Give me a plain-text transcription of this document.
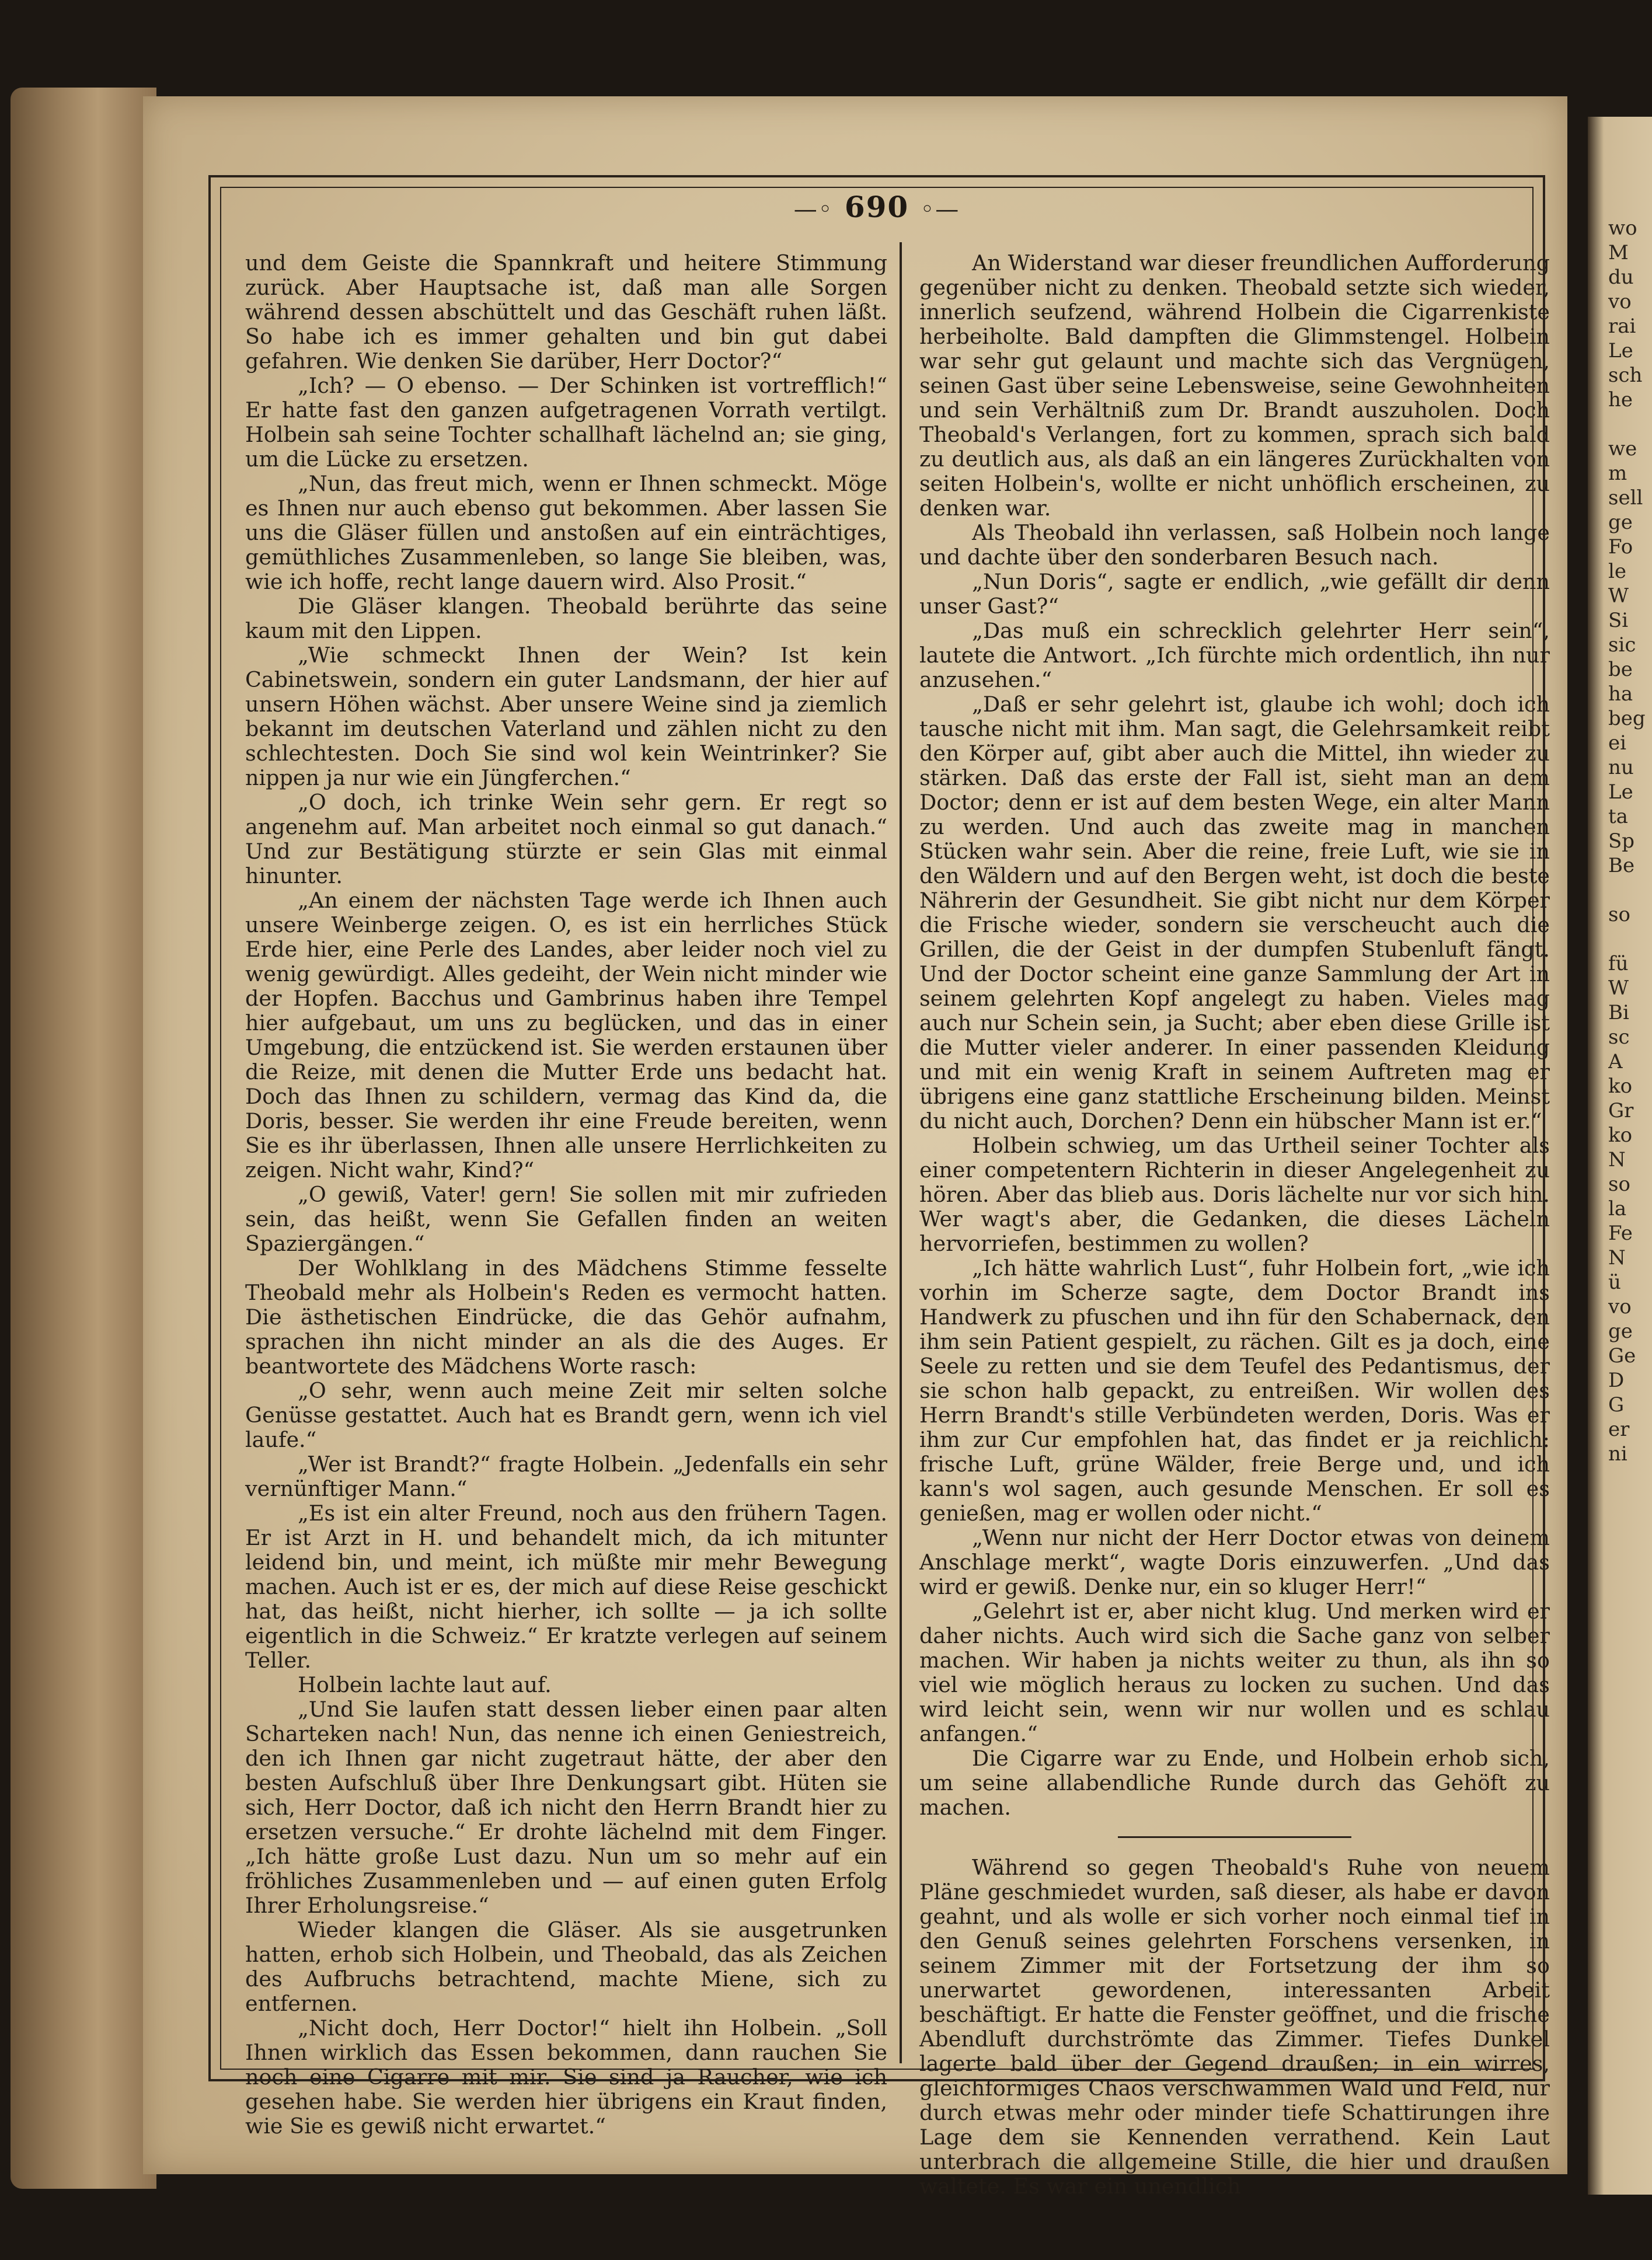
wo
M
du
vo
rai
Le
sch
he
we
m
sell
ge
Fo
le
W
Si
sic
be
ha
beg
ei
nu
Le
ta
Sp
Be
so
fü
W
Bi
sc
A
ko
Gr
ko
N
so
la
Fe
N
ü
vo
ge
Ge
D
G
er
ni
—◦ 690 ◦—

und dem Geiste die Spannkraft und heitere Stimmung zurück. Aber Hauptsache ist, daß man alle Sorgen während dessen abschüttelt und das Geschäft ruhen läßt. So habe ich es immer gehalten und bin gut dabei gefahren. Wie denken Sie darüber, Herr Doctor?“

„Ich? — O ebenso. — Der Schinken ist vortrefflich!“ Er hatte fast den ganzen aufgetragenen Vorrath vertilgt. Holbein sah seine Tochter schallhaft lächelnd an; sie ging, um die Lücke zu ersetzen.

„Nun, das freut mich, wenn er Ihnen schmeckt. Möge es Ihnen nur auch ebenso gut bekommen. Aber lassen Sie uns die Gläser füllen und anstoßen auf ein einträchtiges, gemüthliches Zusammenleben, so lange Sie bleiben, was, wie ich hoffe, recht lange dauern wird. Also Prosit.“

Die Gläser klangen. Theobald berührte das seine kaum mit den Lippen.

„Wie schmeckt Ihnen der Wein? Ist kein Cabinetswein, sondern ein guter Landsmann, der hier auf unsern Höhen wächst. Aber unsere Weine sind ja ziemlich bekannt im deutschen Vaterland und zählen nicht zu den schlechtesten. Doch Sie sind wol kein Weintrinker? Sie nippen ja nur wie ein Jüngferchen.“

„O doch, ich trinke Wein sehr gern. Er regt so angenehm auf. Man arbeitet noch einmal so gut danach.“ Und zur Bestätigung stürzte er sein Glas mit einmal hinunter.

„An einem der nächsten Tage werde ich Ihnen auch unsere Weinberge zeigen. O, es ist ein herrliches Stück Erde hier, eine Perle des Landes, aber leider noch viel zu wenig gewürdigt. Alles gedeiht, der Wein nicht minder wie der Hopfen. Bacchus und Gambrinus haben ihre Tempel hier aufgebaut, um uns zu beglücken, und das in einer Umgebung, die entzückend ist. Sie werden erstaunen über die Reize, mit denen die Mutter Erde uns bedacht hat. Doch das Ihnen zu schildern, vermag das Kind da, die Doris, besser. Sie werden ihr eine Freude bereiten, wenn Sie es ihr überlassen, Ihnen alle unsere Herrlichkeiten zu zeigen. Nicht wahr, Kind?“

„O gewiß, Vater! gern! Sie sollen mit mir zufrieden sein, das heißt, wenn Sie Gefallen finden an weiten Spaziergängen.“

Der Wohlklang in des Mädchens Stimme fesselte Theobald mehr als Holbein's Reden es vermocht hatten. Die ästhetischen Eindrücke, die das Gehör aufnahm, sprachen ihn nicht minder an als die des Auges. Er beantwortete des Mädchens Worte rasch:

„O sehr, wenn auch meine Zeit mir selten solche Genüsse gestattet. Auch hat es Brandt gern, wenn ich viel laufe.“

„Wer ist Brandt?“ fragte Holbein. „Jedenfalls ein sehr vernünftiger Mann.“

„Es ist ein alter Freund, noch aus den frühern Tagen. Er ist Arzt in H. und behandelt mich, da ich mitunter leidend bin, und meint, ich müßte mir mehr Bewegung machen. Auch ist er es, der mich auf diese Reise geschickt hat, das heißt, nicht hierher, ich sollte — ja ich sollte eigentlich in die Schweiz.“ Er kratzte verlegen auf seinem Teller.

Holbein lachte laut auf.

„Und Sie laufen statt dessen lieber einen paar alten Scharteken nach! Nun, das nenne ich einen Geniestreich, den ich Ihnen gar nicht zugetraut hätte, der aber den besten Aufschluß über Ihre Denkungsart gibt. Hüten sie sich, Herr Doctor, daß ich nicht den Herrn Brandt hier zu ersetzen versuche.“ Er drohte lächelnd mit dem Finger. „Ich hätte große Lust dazu. Nun um so mehr auf ein fröhliches Zusammenleben und — auf einen guten Erfolg Ihrer Erholungsreise.“

Wieder klangen die Gläser. Als sie ausgetrunken hatten, erhob sich Holbein, und Theobald, das als Zeichen des Aufbruchs betrachtend, machte Miene, sich zu entfernen.

„Nicht doch, Herr Doctor!“ hielt ihn Holbein. „Soll Ihnen wirklich das Essen bekommen, dann rauchen Sie noch eine Cigarre mit mir. Sie sind ja Raucher, wie ich gesehen habe. Sie werden hier übrigens ein Kraut finden, wie Sie es gewiß nicht erwartet.“

An Widerstand war dieser freundlichen Aufforderung gegenüber nicht zu denken. Theobald setzte sich wieder, innerlich seufzend, während Holbein die Cigarrenkiste herbeiholte. Bald dampften die Glimmstengel. Holbein war sehr gut gelaunt und machte sich das Vergnügen, seinen Gast über seine Lebensweise, seine Gewohnheiten und sein Verhältniß zum Dr. Brandt auszuholen. Doch Theobald's Verlangen, fort zu kommen, sprach sich bald zu deutlich aus, als daß an ein längeres Zurückhalten von seiten Holbein's, wollte er nicht unhöflich erscheinen, zu denken war.

Als Theobald ihn verlassen, saß Holbein noch lange und dachte über den sonderbaren Besuch nach.

„Nun Doris“, sagte er endlich, „wie gefällt dir denn unser Gast?“

„Das muß ein schrecklich gelehrter Herr sein“, lautete die Antwort. „Ich fürchte mich ordentlich, ihn nur anzusehen.“

„Daß er sehr gelehrt ist, glaube ich wohl; doch ich tausche nicht mit ihm. Man sagt, die Gelehrsamkeit reibt den Körper auf, gibt aber auch die Mittel, ihn wieder zu stärken. Daß das erste der Fall ist, sieht man an dem Doctor; denn er ist auf dem besten Wege, ein alter Mann zu werden. Und auch das zweite mag in manchen Stücken wahr sein. Aber die reine, freie Luft, wie sie in den Wäldern und auf den Bergen weht, ist doch die beste Nährerin der Gesundheit. Sie gibt nicht nur dem Körper die Frische wieder, sondern sie verscheucht auch die Grillen, die der Geist in der dumpfen Stubenluft fängt. Und der Doctor scheint eine ganze Sammlung der Art in seinem gelehrten Kopf angelegt zu haben. Vieles mag auch nur Schein sein, ja Sucht; aber eben diese Grille ist die Mutter vieler anderer. In einer passenden Kleidung und mit ein wenig Kraft in seinem Auftreten mag er übrigens eine ganz stattliche Erscheinung bilden. Meinst du nicht auch, Dorchen? Denn ein hübscher Mann ist er.“

Holbein schwieg, um das Urtheil seiner Tochter als einer competentern Richterin in dieser Angelegenheit zu hören. Aber das blieb aus. Doris lächelte nur vor sich hin. Wer wagt's aber, die Gedanken, die dieses Lächeln hervorriefen, bestimmen zu wollen?

„Ich hätte wahrlich Lust“, fuhr Holbein fort, „wie ich vorhin im Scherze sagte, dem Doctor Brandt ins Handwerk zu pfuschen und ihn für den Schabernack, den ihm sein Patient gespielt, zu rächen. Gilt es ja doch, eine Seele zu retten und sie dem Teufel des Pedantismus, der sie schon halb gepackt, zu entreißen. Wir wollen des Herrn Brandt's stille Verbündeten werden, Doris. Was er ihm zur Cur empfohlen hat, das findet er ja reichlich: frische Luft, grüne Wälder, freie Berge und, und ich kann's wol sagen, auch gesunde Menschen. Er soll es genießen, mag er wollen oder nicht.“

„Wenn nur nicht der Herr Doctor etwas von deinem Anschlage merkt“, wagte Doris einzuwerfen. „Und das wird er gewiß. Denke nur, ein so kluger Herr!“

„Gelehrt ist er, aber nicht klug. Und merken wird er daher nichts. Auch wird sich die Sache ganz von selber machen. Wir haben ja nichts weiter zu thun, als ihn so viel wie möglich heraus zu locken zu suchen. Und das wird leicht sein, wenn wir nur wollen und es schlau anfangen.“

Die Cigarre war zu Ende, und Holbein erhob sich, um seine allabendliche Runde durch das Gehöft zu machen.

Während so gegen Theobald's Ruhe von neuem Pläne geschmiedet wurden, saß dieser, als habe er davon geahnt, und als wolle er sich vorher noch einmal tief in den Genuß seines gelehrten Forschens versenken, in seinem Zimmer mit der Fortsetzung der ihm so unerwartet gewordenen, interessanten Arbeit beschäftigt. Er hatte die Fenster geöffnet, und die frische Abendluft durchströmte das Zimmer. Tiefes Dunkel lagerte bald über der Gegend draußen; in ein wirres, gleichförmiges Chaos verschwammen Wald und Feld, nur durch etwas mehr oder minder tiefe Schattirungen ihre Lage dem sie Kennenden verrathend. Kein Laut unterbrach die allgemeine Stille, die hier und draußen waltete. Es war ein unendlich
